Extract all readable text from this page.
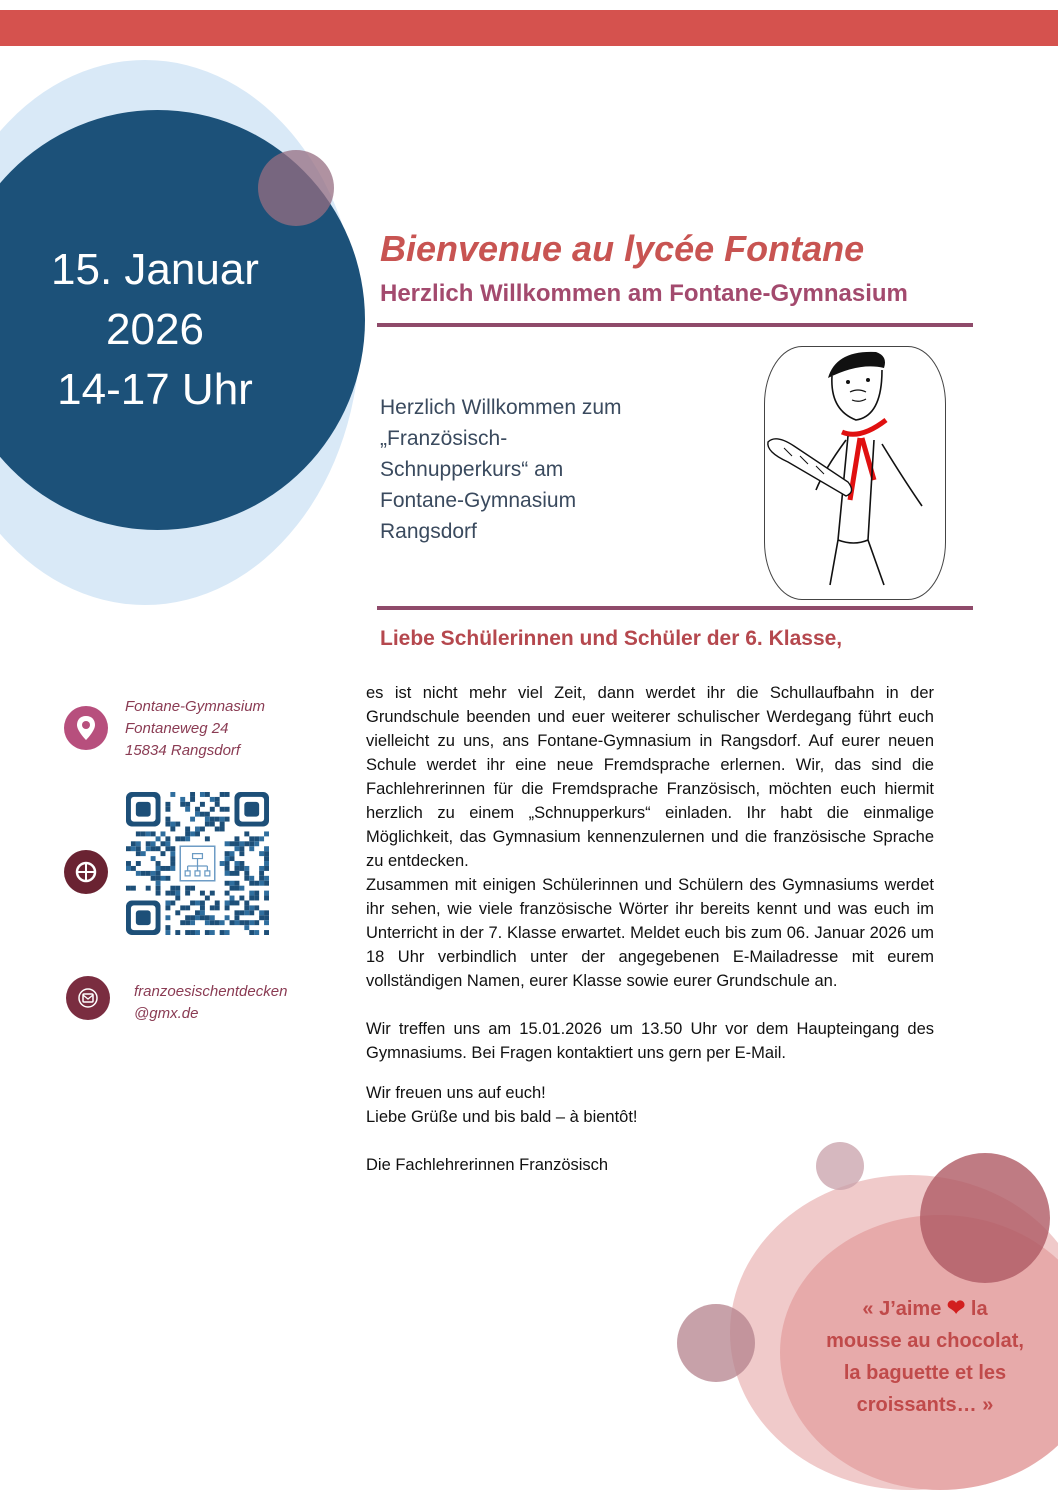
15. Januar
2026
14-17 Uhr
Bienvenue au lycée Fontane
Herzlich Willkommen am Fontane-Gymnasium
Herzlich Willkommen zum
„Französisch-
Schnupperkurs“ am
Fontane-Gymnasium
Rangsdorf
Liebe Schülerinnen und Schüler der 6. Klasse,

es ist nicht mehr viel Zeit, dann werdet ihr die Schullaufbahn in der Grundschule beenden und euer weiterer schulischer Werdegang führt euch vielleicht zu uns, ans Fontane-Gymnasium in Rangsdorf. Auf eurer neuen Schule werdet ihr eine neue Fremdsprache erlernen. Wir, das sind die Fachlehrerinnen für die Fremdsprache Französisch, möchten euch hiermit herzlich zu einem „Schnupperkurs“ einladen. Ihr habt die einmalige Möglichkeit, das Gymnasium kennenzulernen und die französische Sprache zu entdecken.

Zusammen mit einigen Schülerinnen und Schülern des Gymnasiums werdet ihr sehen, wie viele französische Wörter ihr bereits kennt und was euch im Unterricht in der 7. Klasse erwartet. Meldet euch bis zum 06. Januar 2026 um 18 Uhr verbindlich unter der angegebenen E-Mailadresse mit eurem vollständigen Namen, eurer Klasse sowie eurer Grundschule an.

Wir treffen uns am 15.01.2026 um 13.50 Uhr vor dem Haupteingang des Gymnasiums. Bei Fragen kontaktiert uns gern per E-Mail.

Wir freuen uns auf euch!

Liebe Grüße und bis bald – à bientôt!

Die Fachlehrerinnen Französisch

Fontane-Gymnasium
Fontaneweg 24
15834 Rangsdorf
franzoesischentdecken
@gmx.de
« J’aime ❤ la
mousse au chocolat,
la baguette et les
croissants… »
